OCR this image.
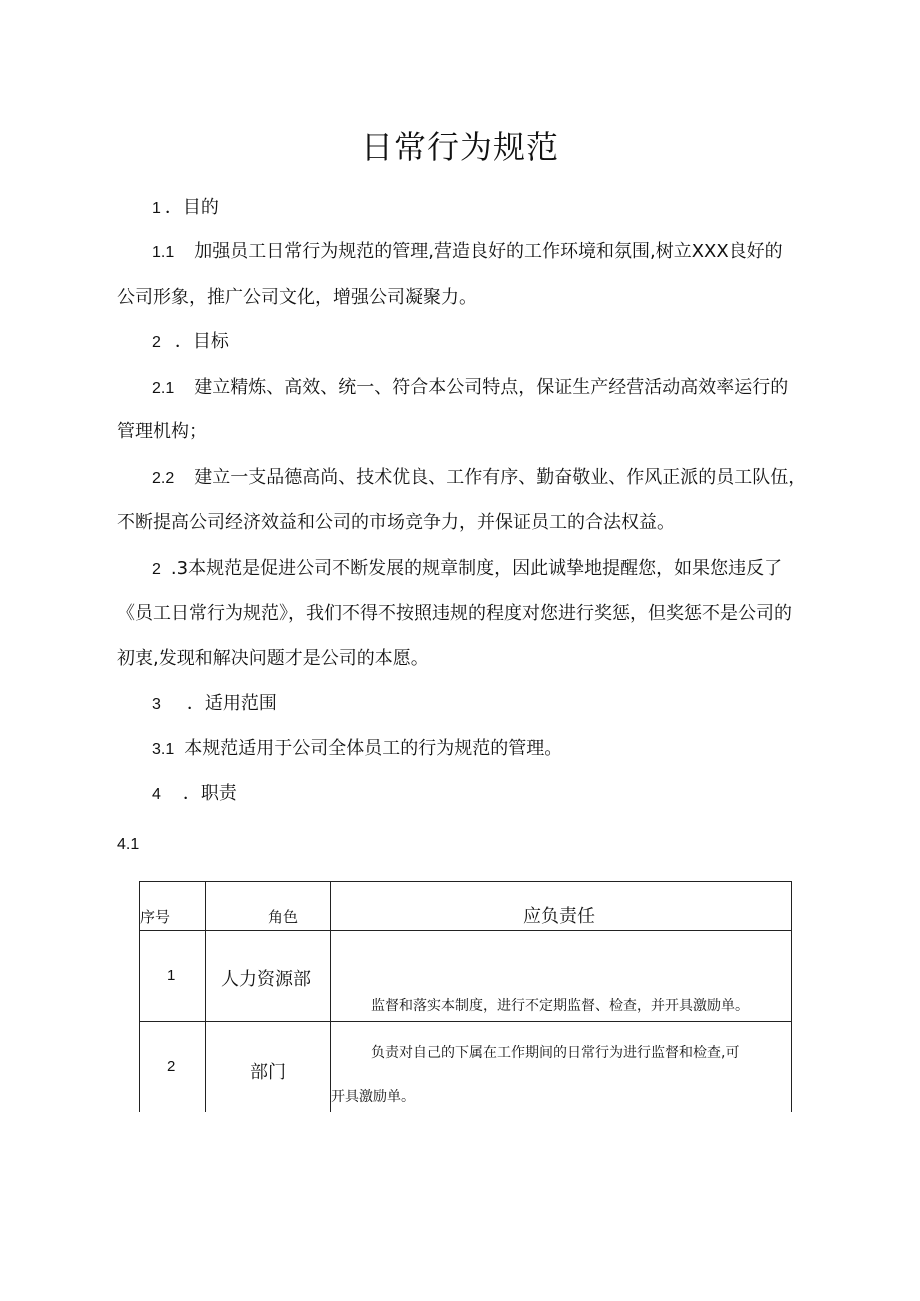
日常行为规范
1 ．目的
1.1 加强员工日常行为规范的管理,营造良好的工作环境和氛围,树立XXX良好的
公司形象，推广公司文化，增强公司凝聚力。
2 ．目标
2.1 建立精炼、高效、统一、符合本公司特点，保证生产经营活动高效率运行的
管理机构；
2.2 建立一支品德高尚、技术优良、工作有序、勤奋敬业、作风正派的员工队伍，
不断提高公司经济效益和公司的市场竞争力，并保证员工的合法权益。
2 .3本规范是促进公司不断发展的规章制度，因此诚挚地提醒您，如果您违反了
《员工日常行为规范》，我们不得不按照违规的程度对您进行奖惩，但奖惩不是公司的
初衷,发现和解决问题才是公司的本愿。
3 ．适用范围
3.1 本规范适用于公司全体员工的行为规范的管理。
4 ．职责
4.1
序号	角色	应负责任

1	人力资源部	监督和落实本制度，进行不定期监督、检查，并开具激励单。

2	部门	负责对自己的下属在工作期间的日常行为进行监督和检查,可
开具激励单。
